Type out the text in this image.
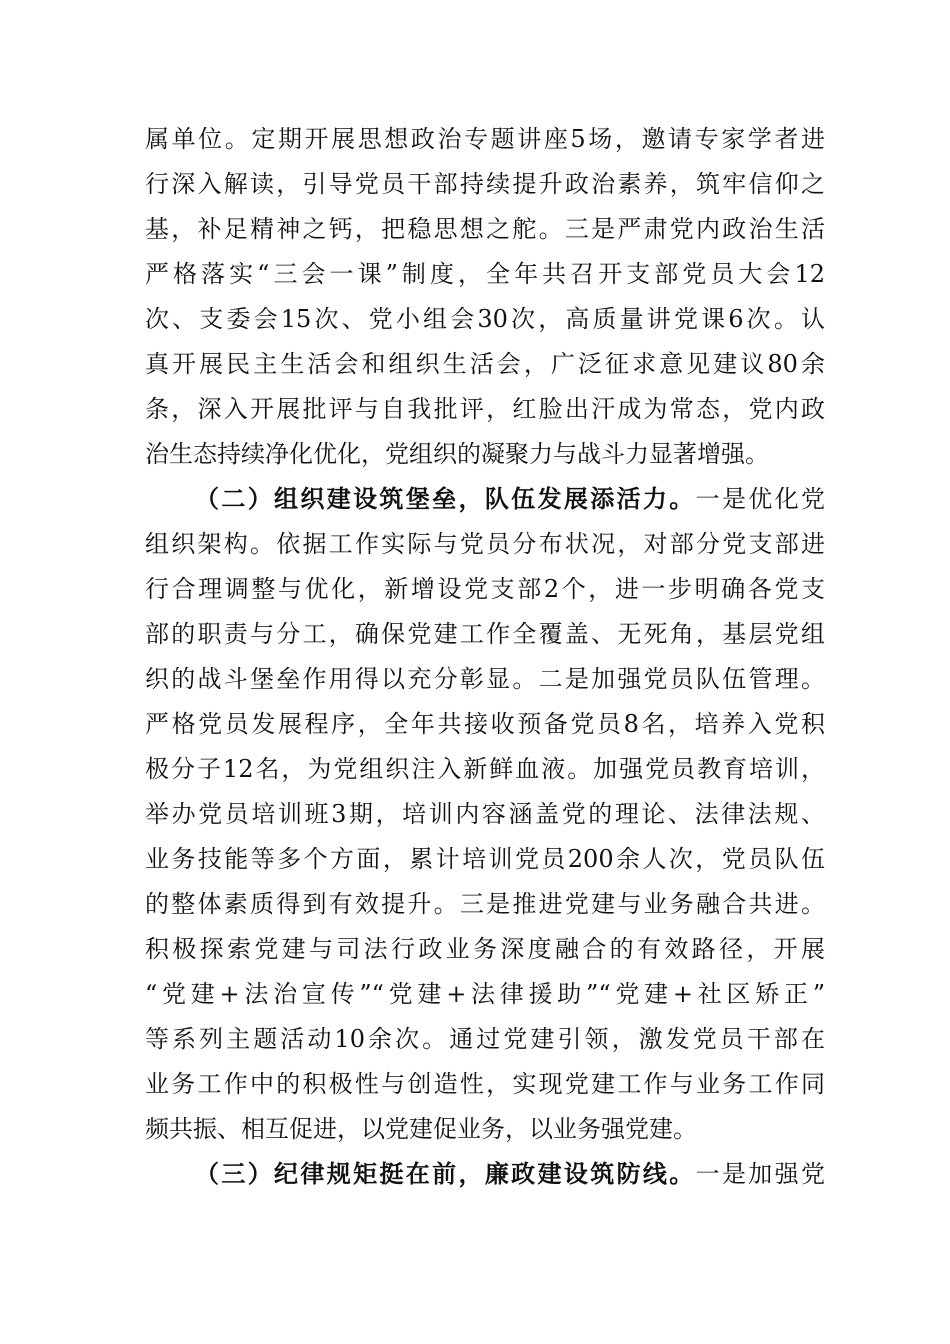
属单位。定期开展思想政治专题讲座5场，邀请专家学者进
行深入解读，引导党员干部持续提升政治素养，筑牢信仰之
基，补足精神之钙，把稳思想之舵。三是严肃党内政治生活
严格落实“三会一课”制度，全年共召开支部党员大会12
次、支委会15次、党小组会30次，高质量讲党课6次。认
真开展民主生活会和组织生活会，广泛征求意见建议80余
条，深入开展批评与自我批评，红脸出汗成为常态，党内政
治生态持续净化优化，党组织的凝聚力与战斗力显著增强。
（二）组织建设筑堡垒，队伍发展添活力。一是优化党
组织架构。依据工作实际与党员分布状况，对部分党支部进
行合理调整与优化，新增设党支部2个，进一步明确各党支
部的职责与分工，确保党建工作全覆盖、无死角，基层党组
织的战斗堡垒作用得以充分彰显。二是加强党员队伍管理。
严格党员发展程序，全年共接收预备党员8名，培养入党积
极分子12名，为党组织注入新鲜血液。加强党员教育培训，
举办党员培训班3期，培训内容涵盖党的理论、法律法规、
业务技能等多个方面，累计培训党员200余人次，党员队伍
的整体素质得到有效提升。三是推进党建与业务融合共进。
积极探索党建与司法行政业务深度融合的有效路径，开展
“党建+法治宣传”“党建+法律援助”“党建+社区矫正”
等系列主题活动10余次。通过党建引领，激发党员干部在
业务工作中的积极性与创造性，实现党建工作与业务工作同
频共振、相互促进，以党建促业务，以业务强党建。
（三）纪律规矩挺在前，廉政建设筑防线。一是加强党
